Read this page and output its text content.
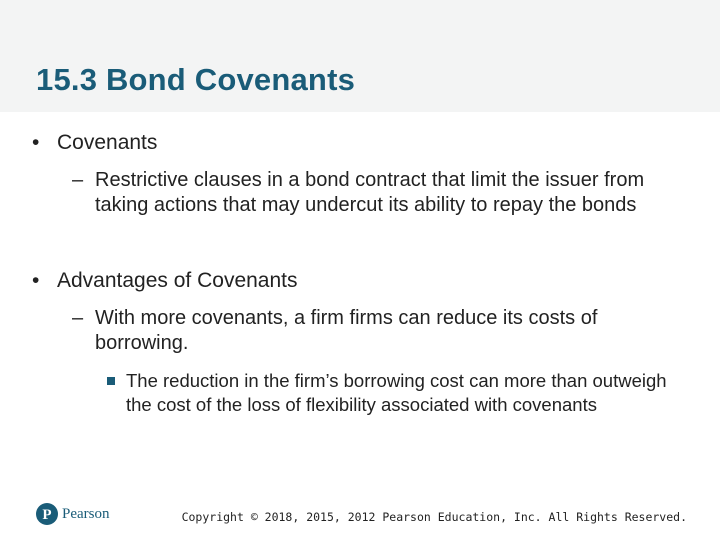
15.3 Bond Covenants
• Covenants
– Restrictive clauses in a bond contract that limit the issuer from taking actions that may undercut its ability to repay the bonds
• Advantages of Covenants
– With more covenants, a firm firms can reduce its costs of borrowing.
The reduction in the firm’s borrowing cost can more than outweigh the cost of the loss of flexibility associated with covenants
P Pearson	Copyright © 2018, 2015, 2012 Pearson Education, Inc. All Rights Reserved.
